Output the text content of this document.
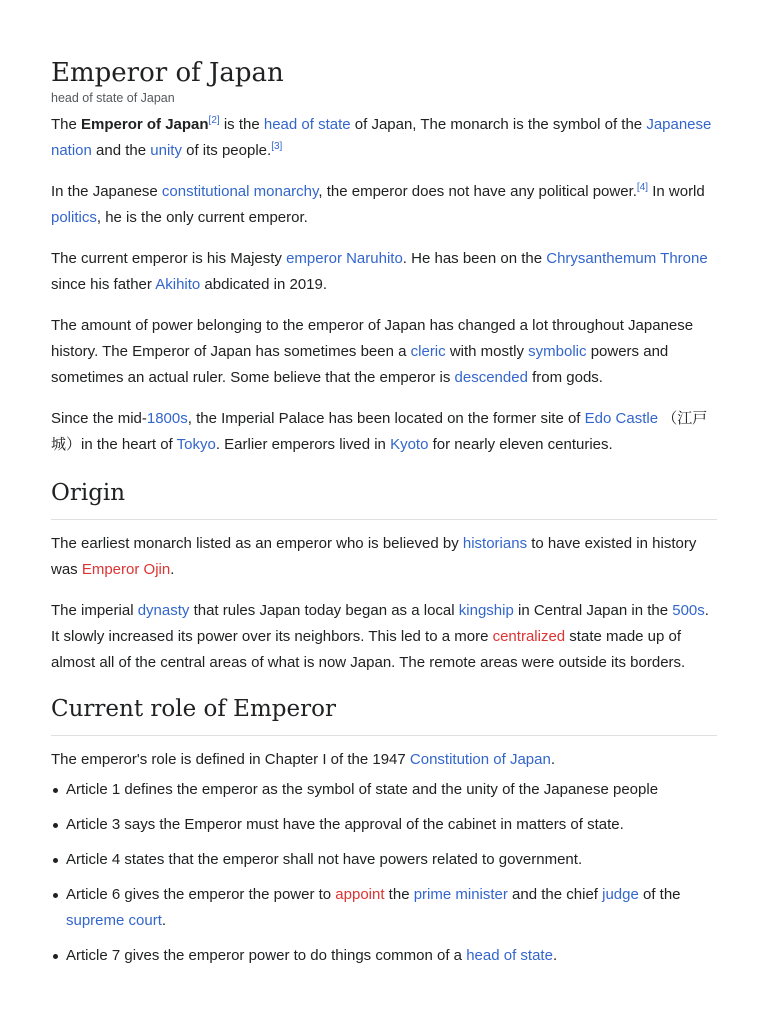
Emperor of Japan
head of state of Japan

The Emperor of Japan[2] is the head of state of Japan, The monarch is the symbol of the Japanese nation and the unity of its people.[3]

In the Japanese constitutional monarchy, the emperor does not have any political power.[4] In world politics, he is the only current emperor.

The current emperor is his Majesty emperor Naruhito. He has been on the Chrysanthemum Throne since his father Akihito abdicated in 2019.

The amount of power belonging to the emperor of Japan has changed a lot throughout Japanese history. The Emperor of Japan has sometimes been a cleric with mostly symbolic powers and sometimes an actual ruler. Some believe that the emperor is descended from gods.

Since the mid-1800s, the Imperial Palace has been located on the former site of Edo Castle （江戸城）in the heart of Tokyo. Earlier emperors lived in Kyoto for nearly eleven centuries.

Origin

The earliest monarch listed as an emperor who is believed by historians to have existed in history was Emperor Ojin.

The imperial dynasty that rules Japan today began as a local kingship in Central Japan in the 500s. It slowly increased its power over its neighbors. This led to a more centralized state made up of almost all of the central areas of what is now Japan. The remote areas were outside its borders.

Current role of Emperor

The emperor's role is defined in Chapter I of the 1947 Constitution of Japan.

Article 1 defines the emperor as the symbol of state and the unity of the Japanese people
Article 3 says the Emperor must have the approval of the cabinet in matters of state.
Article 4 states that the emperor shall not have powers related to government.
Article 6 gives the emperor the power to appoint the prime minister and the chief judge of the supreme court.
Article 7 gives the emperor power to do things common of a head of state.
